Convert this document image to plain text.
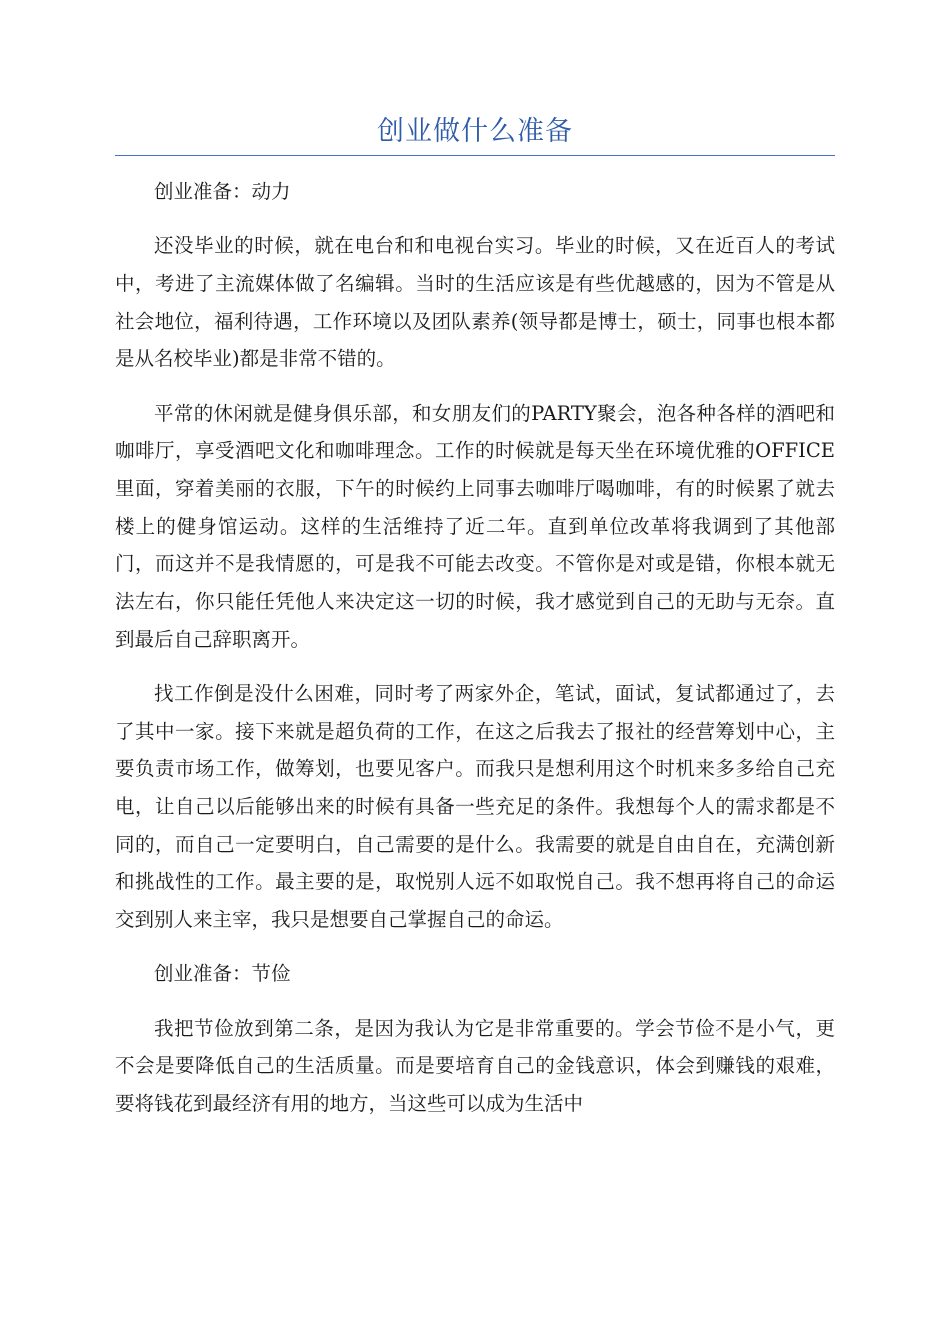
创业做什么准备

创业准备：动力

还没毕业的时候，就在电台和和电视台实习。毕业的时候，又在近百人的考试中，考进了主流媒体做了名编辑。当时的生活应该是有些优越感的，因为不管是从社会地位，福利待遇，工作环境以及团队素养(领导都是博士，硕士，同事也根本都是从名校毕业)都是非常不错的。

平常的休闲就是健身俱乐部，和女朋友们的PARTY聚会，泡各种各样的酒吧和咖啡厅，享受酒吧文化和咖啡理念。工作的时候就是每天坐在环境优雅的OFFICE里面，穿着美丽的衣服，下午的时候约上同事去咖啡厅喝咖啡，有的时候累了就去楼上的健身馆运动。这样的生活维持了近二年。直到单位改革将我调到了其他部门，而这并不是我情愿的，可是我不可能去改变。不管你是对或是错，你根本就无法左右，你只能任凭他人来决定这一切的时候，我才感觉到自己的无助与无奈。直到最后自己辞职离开。

找工作倒是没什么困难，同时考了两家外企，笔试，面试，复试都通过了，去了其中一家。接下来就是超负荷的工作，在这之后我去了报社的经营筹划中心，主要负责市场工作，做筹划，也要见客户。而我只是想利用这个时机来多多给自己充电，让自己以后能够出来的时候有具备一些充足的条件。我想每个人的需求都是不同的，而自己一定要明白，自己需要的是什么。我需要的就是自由自在，充满创新和挑战性的工作。最主要的是，取悦别人远不如取悦自己。我不想再将自己的命运交到别人来主宰，我只是想要自己掌握自己的命运。

创业准备：节俭

我把节俭放到第二条，是因为我认为它是非常重要的。学会节俭不是小气，更不会是要降低自己的生活质量。而是要培育自己的金钱意识，体会到赚钱的艰难，要将钱花到最经济有用的地方，当这些可以成为生活中
